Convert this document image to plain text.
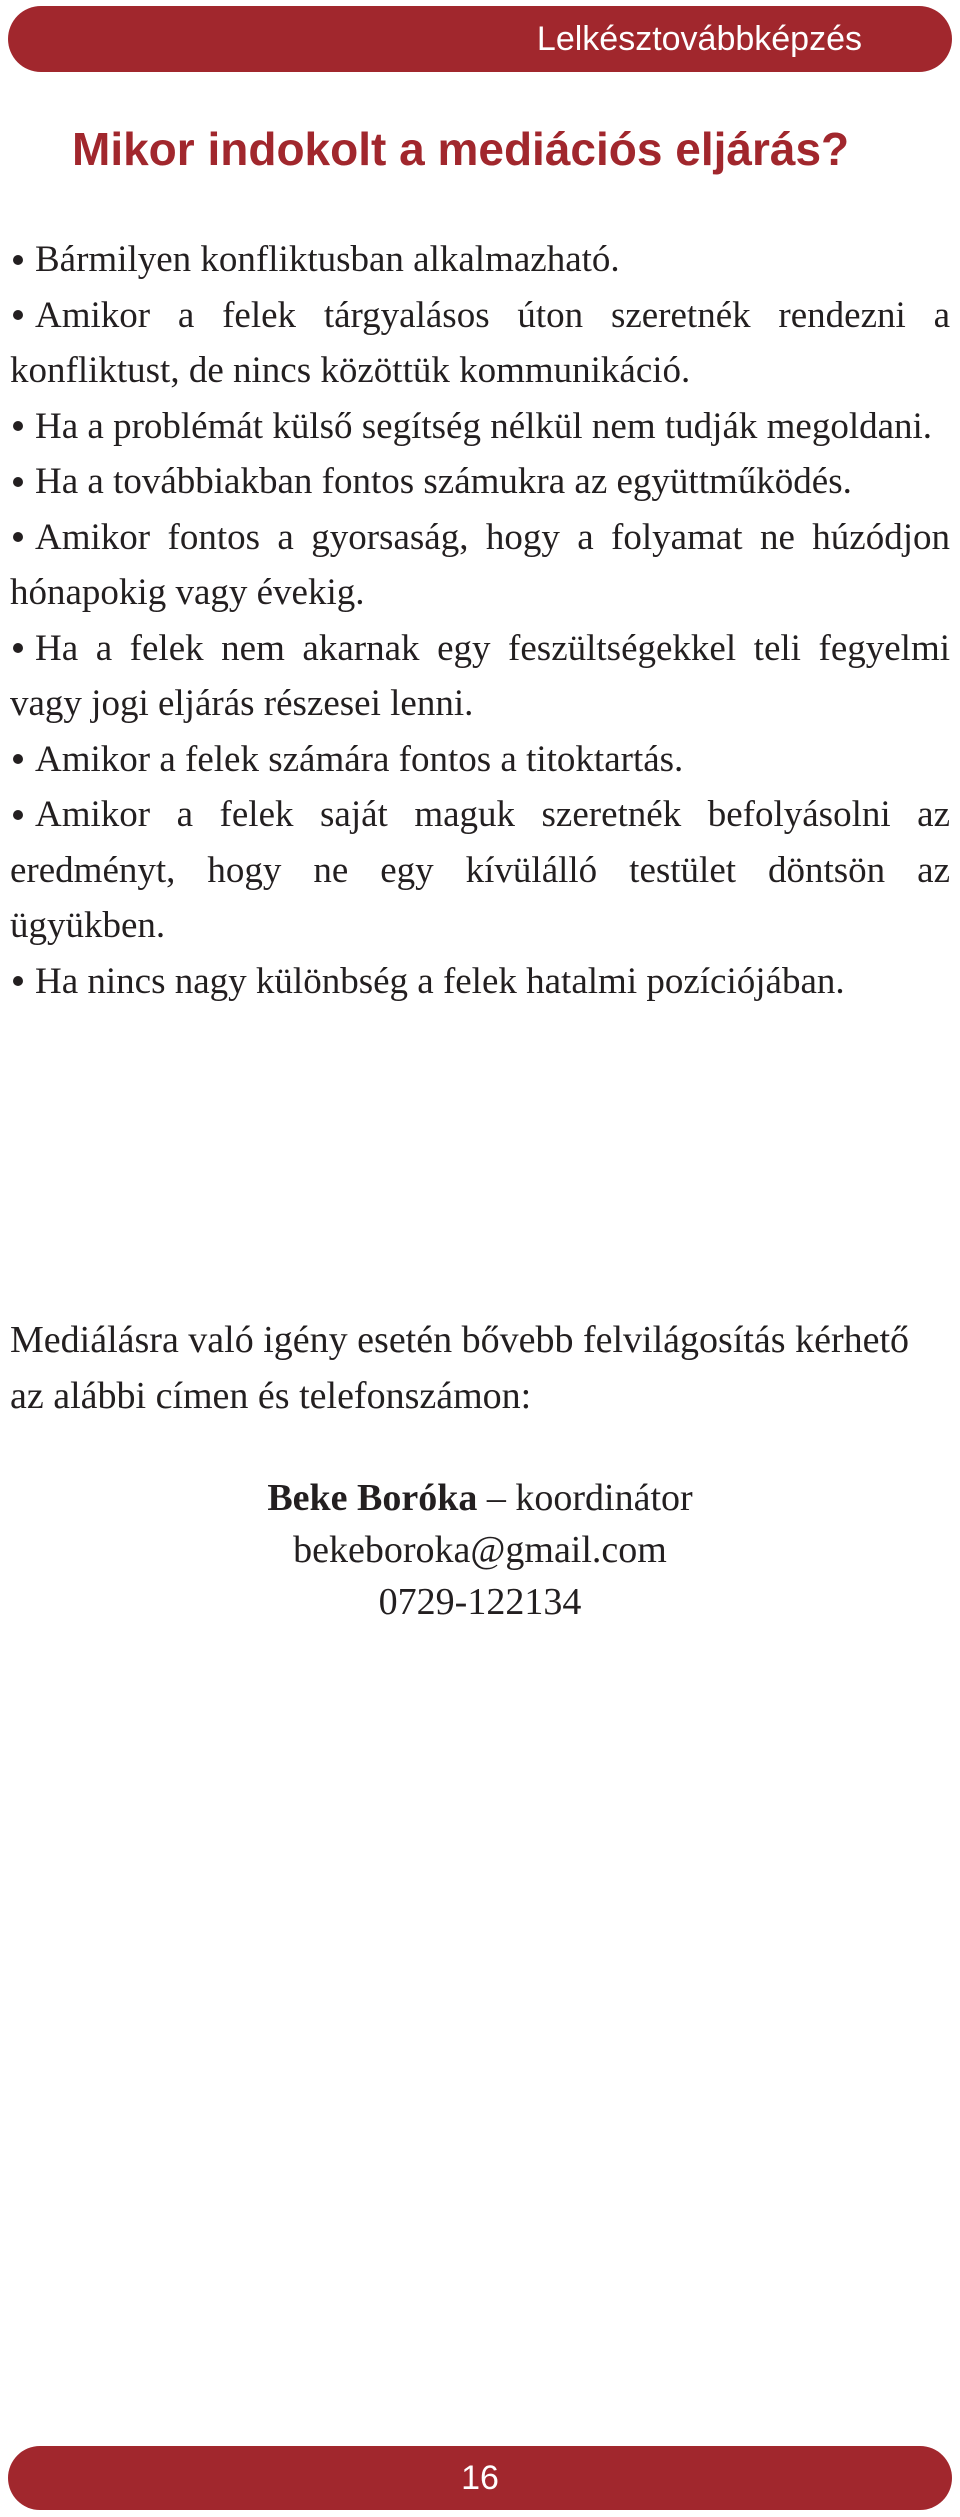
Lelkésztovábbképzés
Mikor indokolt a mediációs eljárás?
Bármilyen konfliktusban alkalmazható.
Amikor a felek tárgyalásos úton szeretnék rendezni a konfliktust, de nincs közöttük kommunikáció.
Ha a problémát külső segítség nélkül nem tudják megoldani.
Ha a továbbiakban fontos számukra az együttműködés.
Amikor fontos a gyorsaság, hogy a folyamat ne húzódjon hónapokig vagy évekig.
Ha a felek nem akarnak egy feszültségekkel teli fegyelmi vagy jogi eljárás részesei lenni.
Amikor a felek számára fontos a titoktartás.
Amikor a felek saját maguk szeretnék befolyásolni az eredményt, hogy ne egy kívülálló testület döntsön az ügyükben.
Ha nincs nagy különbség a felek hatalmi pozíciójában.

Mediálásra való igény esetén bővebb felvilágosítás kérhető az alábbi címen és telefonszámon:

Beke Boróka – koordinátor
bekeboroka@gmail.com
0729-122134
16
